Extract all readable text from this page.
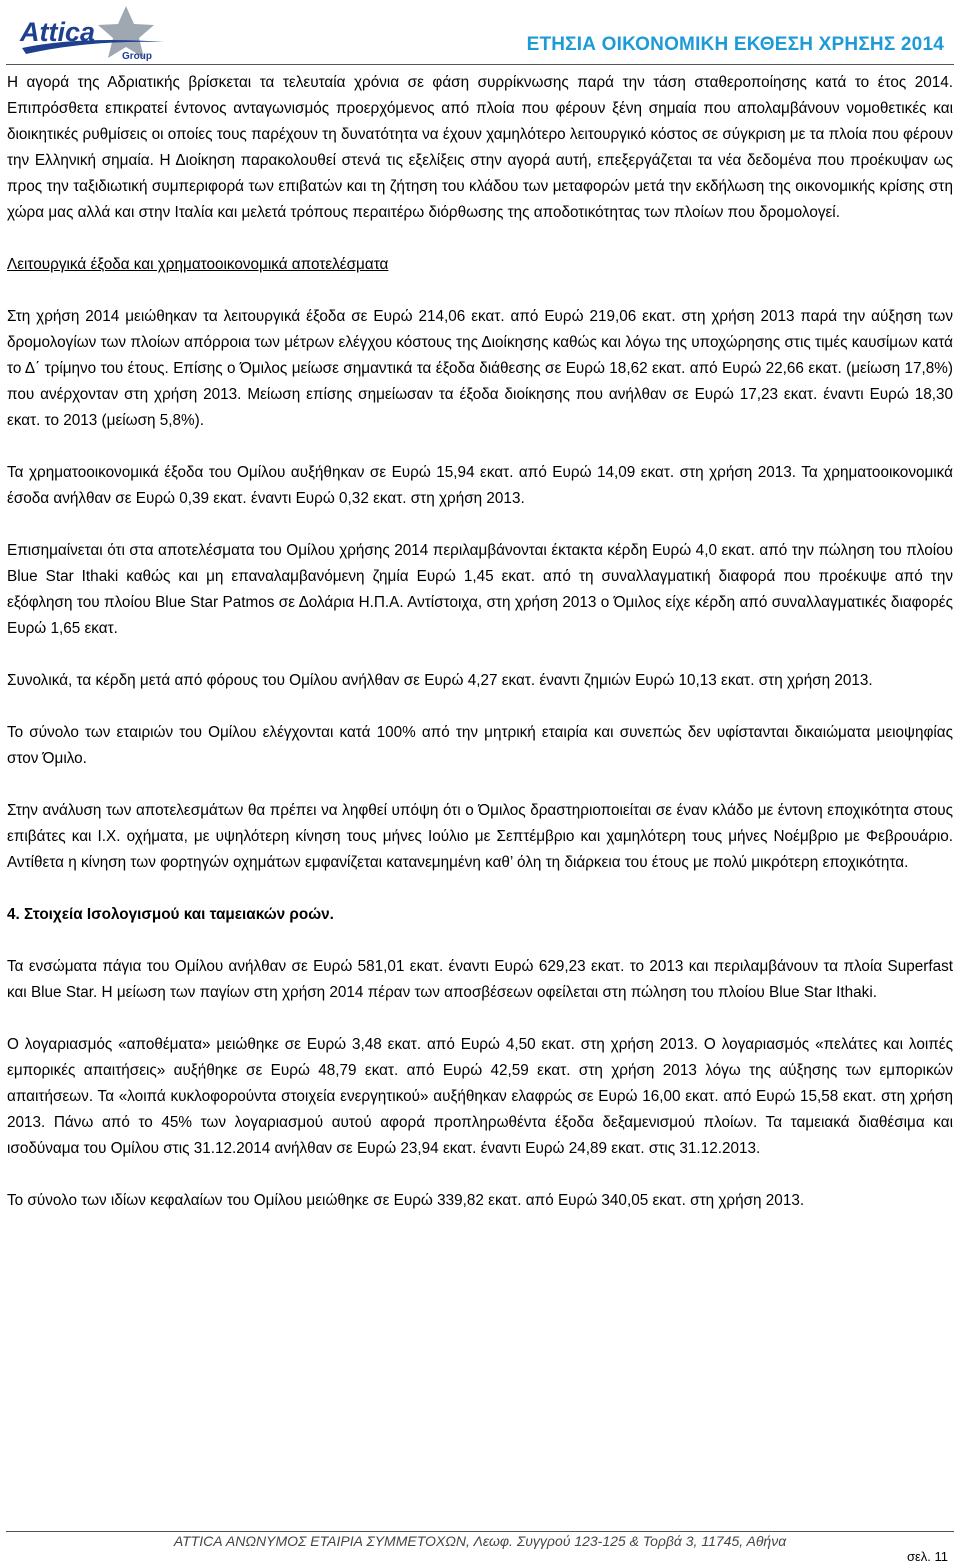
Attica
Group
ΕΤΗΣΙΑ ΟΙΚΟΝΟΜΙΚΗ ΕΚΘΕΣΗ ΧΡΗΣΗΣ 2014

Η αγορά της Αδριατικής βρίσκεται τα τελευταία χρόνια σε φάση συρρίκνωσης παρά την τάση σταθεροποίησης κατά το έτος 2014. Επιπρόσθετα επικρατεί έντονος ανταγωνισμός προερχόμενος από πλοία που φέρουν ξένη σημαία που απολαμβάνουν νομοθετικές και διοικητικές ρυθμίσεις οι οποίες τους παρέχουν τη δυνατότητα να έχουν χαμηλότερο λειτουργικό κόστος σε σύγκριση με τα πλοία που φέρουν την Ελληνική σημαία. Η Διοίκηση παρακολουθεί στενά τις εξελίξεις στην αγορά αυτή, επεξεργάζεται τα νέα δεδομένα που προέκυψαν ως προς την ταξιδιωτική συμπεριφορά των επιβατών και τη ζήτηση του κλάδου των μεταφορών μετά την εκδήλωση της οικονομικής κρίσης στη χώρα μας αλλά και στην Ιταλία και μελετά τρόπους περαιτέρω διόρθωσης της αποδοτικότητας των πλοίων που δρομολογεί.

Λειτουργικά έξοδα και χρηματοοικονομικά αποτελέσματα

Στη χρήση 2014 μειώθηκαν τα λειτουργικά έξοδα σε Ευρώ 214,06 εκατ. από Ευρώ 219,06 εκατ. στη χρήση 2013 παρά την αύξηση των δρομολογίων των πλοίων απόρροια των μέτρων ελέγχου κόστους της Διοίκησης καθώς και λόγω της υποχώρησης στις τιμές καυσίμων κατά το Δ΄ τρίμηνο του έτους. Επίσης ο Όμιλος μείωσε σημαντικά τα έξοδα διάθεσης σε Ευρώ 18,62 εκατ. από Ευρώ 22,66 εκατ. (μείωση 17,8%) που ανέρχονταν στη χρήση 2013. Μείωση επίσης σημείωσαν τα έξοδα διοίκησης που ανήλθαν σε Ευρώ 17,23 εκατ. έναντι Ευρώ 18,30 εκατ. το 2013 (μείωση 5,8%).

Τα χρηματοοικονομικά έξοδα του Ομίλου αυξήθηκαν σε Ευρώ 15,94 εκατ. από Ευρώ 14,09 εκατ. στη χρήση 2013. Τα χρηματοοικονομικά έσοδα ανήλθαν σε Ευρώ 0,39 εκατ. έναντι Ευρώ 0,32 εκατ. στη χρήση 2013.

Επισημαίνεται ότι στα αποτελέσματα του Ομίλου χρήσης 2014 περιλαμβάνονται έκτακτα κέρδη Ευρώ 4,0 εκατ. από την πώληση του πλοίου Blue Star Ithaki καθώς και μη επαναλαμβανόμενη ζημία Ευρώ 1,45 εκατ. από τη συναλλαγματική διαφορά που προέκυψε από την εξόφληση του πλοίου Blue Star Patmos σε Δολάρια Η.Π.Α. Αντίστοιχα, στη χρήση 2013 ο Όμιλος είχε κέρδη από συναλλαγματικές διαφορές Ευρώ 1,65 εκατ.

Συνολικά, τα κέρδη μετά από φόρους του Ομίλου ανήλθαν σε Ευρώ 4,27 εκατ. έναντι ζημιών Ευρώ 10,13 εκατ. στη χρήση 2013.

Το σύνολο των εταιριών του Ομίλου ελέγχονται κατά 100% από την μητρική εταιρία και συνεπώς δεν υφίστανται δικαιώματα μειοψηφίας στον Όμιλο.

Στην ανάλυση των αποτελεσμάτων θα πρέπει να ληφθεί υπόψη ότι ο Όμιλος δραστηριοποιείται σε έναν κλάδο με έντονη εποχικότητα στους επιβάτες και Ι.Χ. οχήματα, με υψηλότερη κίνηση τους μήνες Ιούλιο με Σεπτέμβριο και χαμηλότερη τους μήνες Νοέμβριο με Φεβρουάριο. Αντίθετα η κίνηση των φορτηγών οχημάτων εμφανίζεται κατανεμημένη καθ’ όλη τη διάρκεια του έτους με πολύ μικρότερη εποχικότητα.

4. Στοιχεία Ισολογισμού και ταμειακών ροών.

Τα ενσώματα πάγια του Ομίλου ανήλθαν σε Ευρώ 581,01 εκατ. έναντι Ευρώ 629,23 εκατ. το 2013 και περιλαμβάνουν τα πλοία Superfast και Blue Star. Η μείωση των παγίων στη χρήση 2014 πέραν των αποσβέσεων οφείλεται στη πώληση του πλοίου Blue Star Ithaki.

Ο λογαριασμός «αποθέματα» μειώθηκε σε Ευρώ 3,48 εκατ. από Ευρώ 4,50 εκατ. στη χρήση 2013. Ο λογαριασμός «πελάτες και λοιπές εμπορικές απαιτήσεις» αυξήθηκε σε Ευρώ 48,79 εκατ. από Ευρώ 42,59 εκατ. στη χρήση 2013 λόγω της αύξησης των εμπορικών απαιτήσεων. Τα «λοιπά κυκλοφορούντα στοιχεία ενεργητικού» αυξήθηκαν ελαφρώς σε Ευρώ 16,00 εκατ. από Ευρώ 15,58 εκατ. στη χρήση 2013. Πάνω από το 45% των λογαριασμού αυτού αφορά προπληρωθέντα έξοδα δεξαμενισμού πλοίων. Τα ταμειακά διαθέσιμα και ισοδύναμα του Ομίλου στις 31.12.2014 ανήλθαν σε Ευρώ 23,94 εκατ. έναντι Ευρώ 24,89 εκατ. στις 31.12.2013.

Το σύνολο των ιδίων κεφαλαίων του Ομίλου μειώθηκε σε Ευρώ 339,82 εκατ. από Ευρώ 340,05 εκατ. στη χρήση 2013.

ATTICA ΑΝΩΝΥΜΟΣ ΕΤΑΙΡΙΑ ΣΥΜΜΕΤΟΧΩΝ, Λεωφ. Συγγρού 123-125 & Τορβά 3, 11745, Αθήνα
σελ. 11
